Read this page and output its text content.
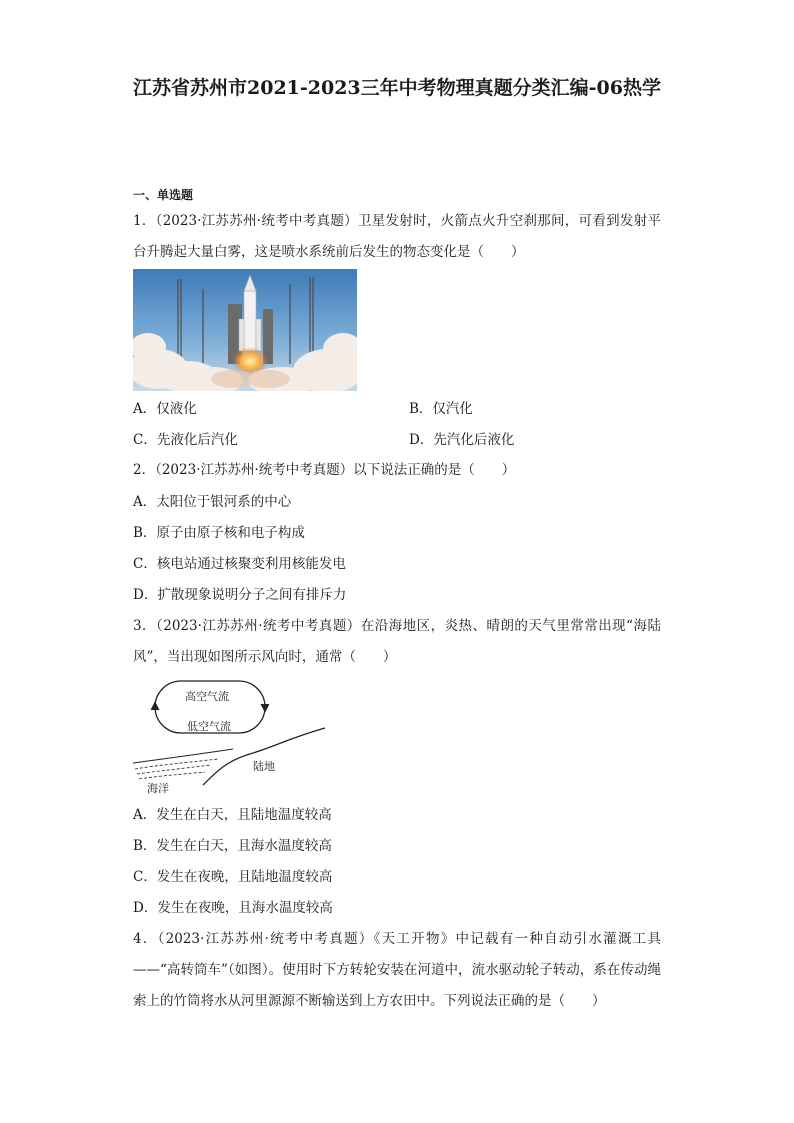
江苏省苏州市2021-2023三年中考物理真题分类汇编-06热学
一、单选题
1．（2023·江苏苏州·统考中考真题）卫星发射时，火箭点火升空刹那间，可看到发射平台升腾起大量白雾，这是喷水系统前后发生的物态变化是（　　）
A．仅液化	B．仅汽化
C．先液化后汽化	D．先汽化后液化
2．（2023·江苏苏州·统考中考真题）以下说法正确的是（　　）
A．太阳位于银河系的中心
B．原子由原子核和电子构成
C．核电站通过核聚变利用核能发电
D．扩散现象说明分子之间有排斥力
3．（2023·江苏苏州·统考中考真题）在沿海地区，炎热、晴朗的天气里常常出现“海陆风”，当出现如图所示风向时，通常（　　）
高空气流
低空气流
陆地
海洋
A．发生在白天，且陆地温度较高
B．发生在白天，且海水温度较高
C．发生在夜晚，且陆地温度较高
D．发生在夜晚，且海水温度较高
4．（2023·江苏苏州·统考中考真题）《天工开物》中记载有一种自动引水灌溉工具——“高转筒车”（如图）。使用时下方转轮安装在河道中，流水驱动轮子转动，系在传动绳索上的竹筒将水从河里源源不断输送到上方农田中。下列说法正确的是（　　）
